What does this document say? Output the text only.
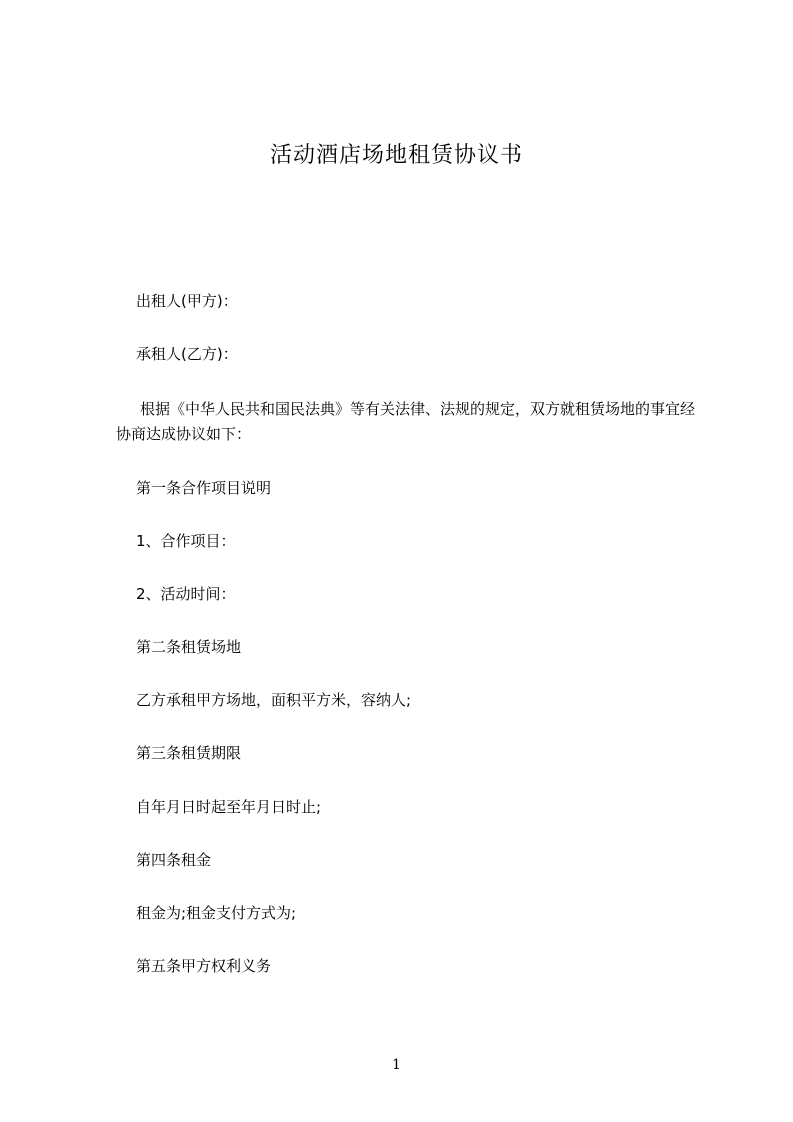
活动酒店场地租赁协议书
出租人(甲方)：
承租人(乙方)：
根据《中华人民共和国民法典》等有关法律、法规的规定，双方就租赁场地的事宜经协商达成协议如下：
第一条合作项目说明
1、合作项目：
2、活动时间：
第二条租赁场地
乙方承租甲方场地，面积平方米，容纳人;
第三条租赁期限
自年月日时起至年月日时止;
第四条租金
租金为;租金支付方式为;
第五条甲方权利义务
1
